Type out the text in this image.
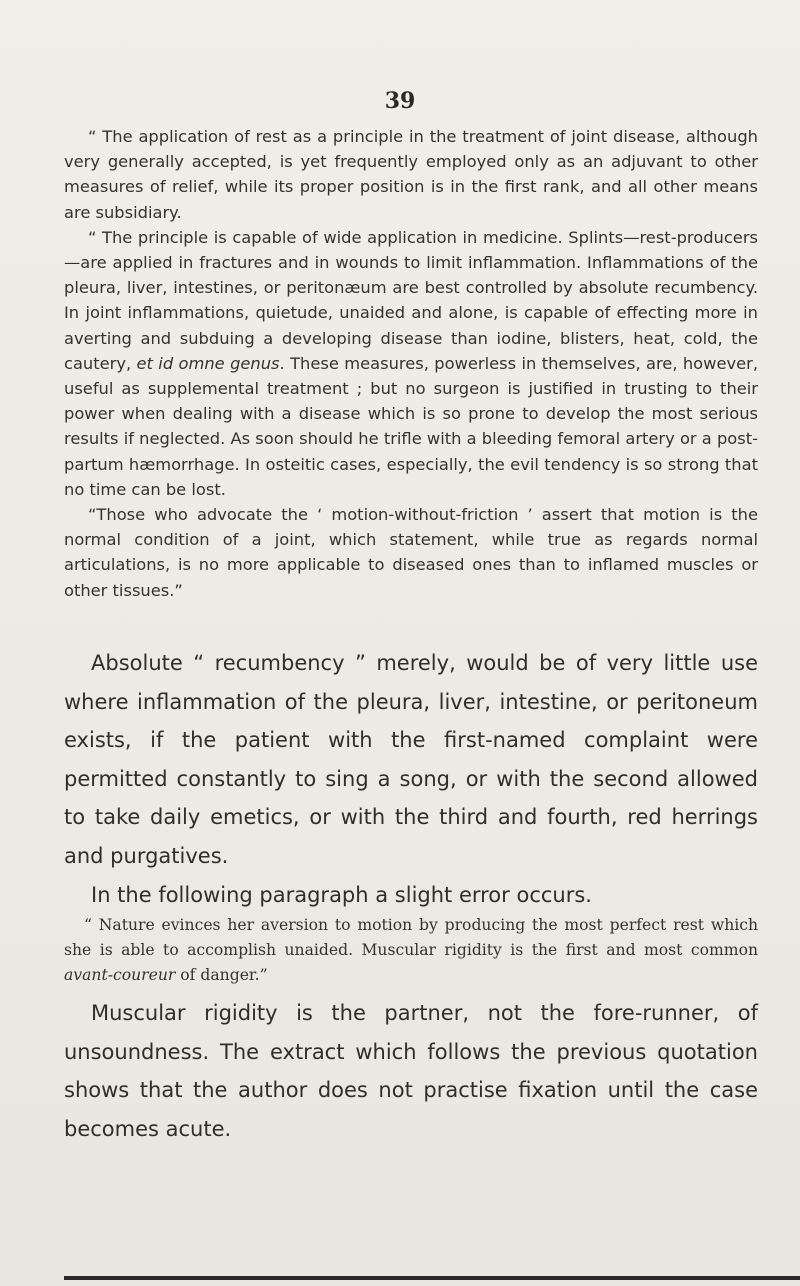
39

“ The application of rest as a principle in the treatment of joint disease, although very generally accepted, is yet frequently employed only as an adjuvant to other measures of relief, while its proper position is in the first rank, and all other means are subsidiary.

“ The principle is capable of wide application in medicine. Splints—rest-producers—are applied in fractures and in wounds to limit inflammation. Inflammations of the pleura, liver, intestines, or peritonæum are best controlled by absolute recumbency. In joint inflammations, quietude, unaided and alone, is capable of effecting more in averting and subduing a developing disease than iodine, blisters, heat, cold, the cautery, et id omne genus. These measures, powerless in themselves, are, however, useful as supplemental treatment ; but no surgeon is justified in trusting to their power when dealing with a disease which is so prone to develop the most serious results if neglected. As soon should he trifle with a bleeding femoral artery or a post-partum hæmorrhage. In osteitic cases, especially, the evil tendency is so strong that no time can be lost.

“Those who advocate the ‘ motion-without-friction ’ assert that motion is the normal condition of a joint, which statement, while true as regards normal articulations, is no more applicable to diseased ones than to inflamed muscles or other tissues.”

Absolute “ recumbency ” merely, would be of very little use where inflammation of the pleura, liver, intestine, or peritoneum exists, if the patient with the first-named complaint were permitted constantly to sing a song, or with the second allowed to take daily emetics, or with the third and fourth, red herrings and purgatives.

In the following paragraph a slight error occurs.

“ Nature evinces her aversion to motion by producing the most perfect rest which she is able to accomplish unaided. Muscular rigidity is the first and most common avant-coureur of danger.”

Muscular rigidity is the partner, not the fore-runner, of unsoundness. The extract which follows the previous quotation shows that the author does not practise fixation until the case becomes acute.
